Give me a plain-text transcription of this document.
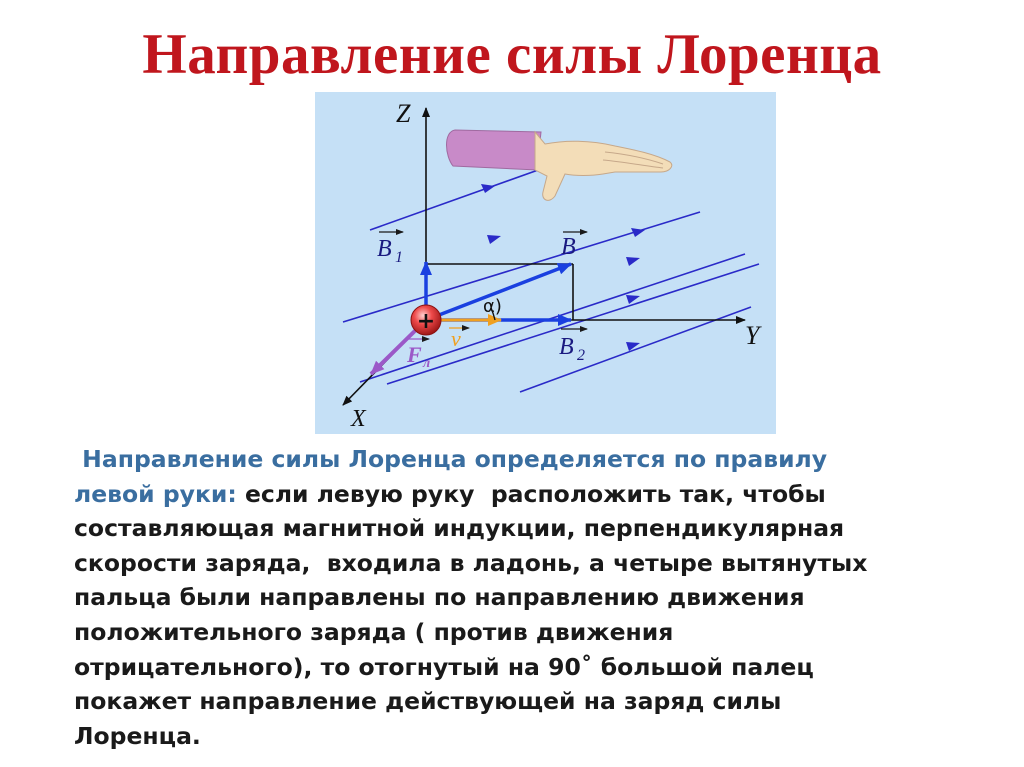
Направление силы Лоренца
+
Z
Y
X
B 1	B
B 2
v
F л
α)
Направление силы Лоренца определяется по правилу
левой руки: если левую руку  расположить так, чтобы
составляющая магнитной индукции, перпендикулярная
скорости заряда,  входила в ладонь, а четыре вытянутых
пальца были направлены по направлению движения
положительного заряда ( против движения
отрицательного), то отогнутый на 90˚ большой палец
покажет направление действующей на заряд силы
Лоренца.
